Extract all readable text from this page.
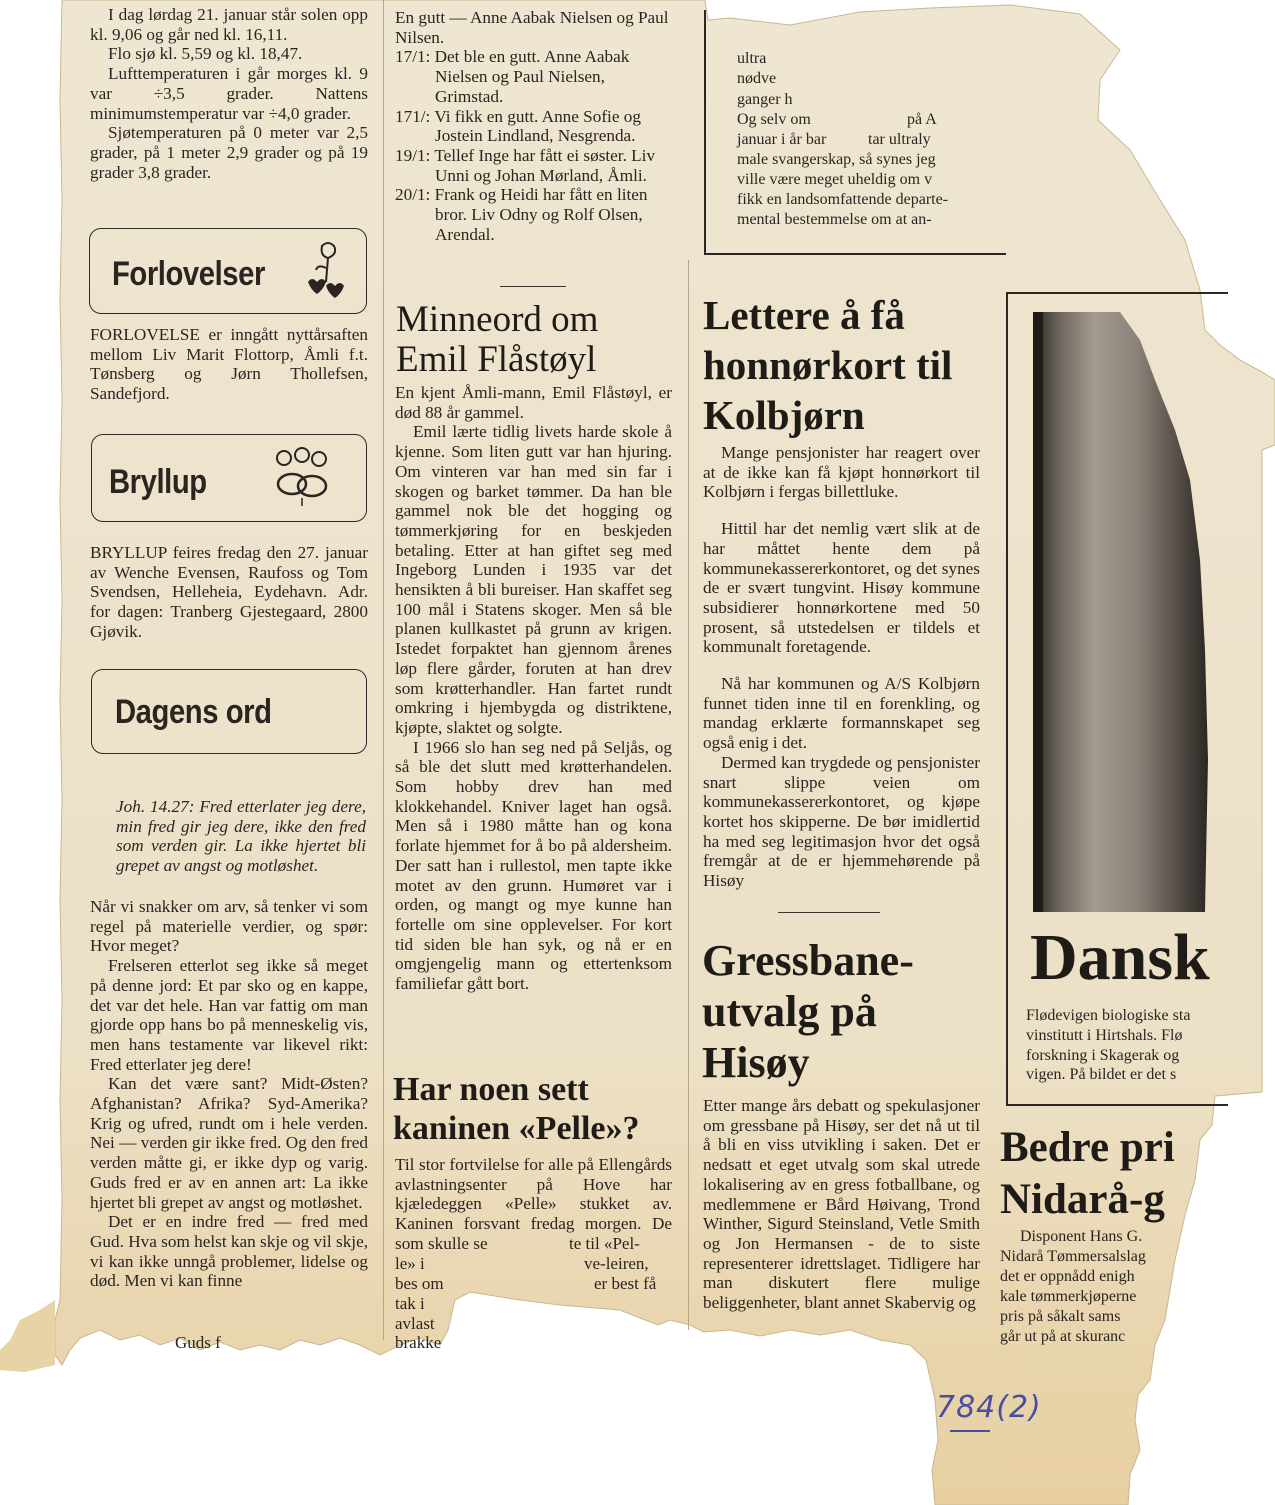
I dag lørdag 21. januar står solen opp kl. 9,06 og går ned kl. 16,11.

Flo sjø kl. 5,59 og kl. 18,47.

Lufttemperaturen i går morges kl. 9 var ÷3,5 grader. Nattens minimumstemperatur var ÷4,0 grader.

Sjøtemperaturen på 0 meter var 2,5 grader, på 1 meter 2,9 grader og på 19 grader 3,8 grader.

Forlovelser

FORLOVELSE er inngått nyttårsaften mellom Liv Marit Flottorp, Åmli f.t. Tønsberg og Jørn Thollefsen, Sandefjord.

Bryllup

BRYLLUP feires fredag den 27. januar av Wenche Evensen, Raufoss og Tom Svendsen, Helleheia, Eydehavn. Adr. for dagen: Tranberg Gjestegaard, 2800 Gjøvik.

Dagens ord

Joh. 14.27: Fred etterlater jeg dere, min fred gir jeg dere, ikke den fred som verden gir. La ikke hjertet bli grepet av angst og motløshet.

Når vi snakker om arv, så tenker vi som regel på materielle verdier, og spør: Hvor meget?

Frelseren etterlot seg ikke så meget på denne jord: Et par sko og en kappe, det var det hele. Han var fattig om man gjorde opp hans bo på menneskelig vis, men hans testamente var likevel rikt: Fred etterlater jeg dere!

Kan det være sant? Midt-Østen? Afghanistan? Afrika? Syd-Amerika? Krig og ufred, rundt om i hele verden. Nei — verden gir ikke fred. Og den fred verden måtte gi, er ikke dyp og varig. Guds fred er av en annen art: La ikke hjertet bli grepet av angst og motløshet.

Det er en indre fred — fred med Gud. Hva som helst kan skje og vil skje, vi kan ikke unngå problemer, lidelse og død. Men vi kan finne

Guds f

En gutt — Anne Aabak Nielsen og Paul Nilsen.

17/1: Det ble en gutt. Anne Aabak Nielsen og Paul Nielsen, Grimstad.

171/: Vi fikk en gutt. Anne Sofie og Jostein Lindland, Nesgrenda.

19/1: Tellef Inge har fått ei søster. Liv Unni og Johan Mørland, Åmli.

20/1: Frank og Heidi har fått en liten bror. Liv Odny og Rolf Olsen, Arendal.

Minneord om Emil Flåstøyl

En kjent Åmli-mann, Emil Flåstøyl, er død 88 år gammel.

Emil lærte tidlig livets harde skole å kjenne. Som liten gutt var han hjuring. Om vinteren var han med sin far i skogen og barket tømmer. Da han ble gammel nok ble det hogging og tømmerkjøring for en beskjeden betaling. Etter at han giftet seg med Ingeborg Lunden i 1935 var det hensikten å bli bureiser. Han skaffet seg 100 mål i Statens skoger. Men så ble planen kullkastet på grunn av krigen. Istedet forpaktet han gjennom årenes løp flere gårder, foruten at han drev som krøtterhandler. Han fartet rundt omkring i hjembygda og distriktene, kjøpte, slaktet og solgte.

I 1966 slo han seg ned på Seljås, og så ble det slutt med krøtterhandelen. Som hobby drev han med klokkehandel. Kniver laget han også. Men så i 1980 måtte han og kona forlate hjemmet for å bo på aldersheim. Der satt han i rullestol, men tapte ikke motet av den grunn. Humøret var i orden, og mangt og mye kunne han fortelle om sine opplevelser. For kort tid siden ble han syk, og nå er en omgjengelig mann og ettertenksom familiefar gått bort.

Har noen sett kaninen «Pelle»?

Til stor fortvilelse for alle på Ellengårds avlastningsenter på Hove har kjæledeggen «Pelle» stukket av. Kaninen forsvant fredag morgen. De som skulle se	te til «Pel-
le» i	ve-leiren,
bes om	er best få
tak i
avlast
brakke
ultra
nødve
ganger h
Og selv om	på A
januar i år bar	tar ultraly
male svangerskap, så synes jeg
ville være meget uheldig om v
fikk en landsomfattende departe-
mental bestemmelse om at an-
Lettere å få honnørkort til Kolbjørn

Mange pensjonister har reagert over at de ikke kan få kjøpt honnørkort til Kolbjørn i fergas billettluke.

Hittil har det nemlig vært slik at de har måttet hente dem på kommunekassererkontoret, og det synes de er svært tungvint. Hisøy kommune subsidierer honnørkortene med 50 prosent, så utstedelsen er tildels et kommunalt foretagende.

Nå har kommunen og A/S Kolbjørn funnet tiden inne til en forenkling, og mandag erklærte formannskapet seg også enig i det.

Dermed kan trygdede og pensjonister snart slippe veien om kommunekassererkontoret, og kjøpe kortet hos skipperne. De bør imidlertid ha med seg legitimasjon hvor det også fremgår at de er hjemmehørende på Hisøy

Gressbane-utvalg på Hisøy

Etter mange års debatt og spekulasjoner om gressbane på Hisøy, ser det nå ut til å bli en viss utvikling i saken. Det er nedsatt et eget utvalg som skal utrede lokalisering av en gress fotballbane, og medlemmene er Bård Høivang, Trond Winther, Sigurd Steinsland, Vetle Smith og Jon Hermansen - de to siste representerer idrettslaget. Tidligere har man diskutert flere mulige beliggenheter, blant annet Skabervig og

Dansk
Flødevigen biologiske sta
vinstitutt i Hirtshals. Flø
forskning i Skagerak og
vigen. På bildet er det s
Bedre pri Nidarå-g
Disponent Hans G.
Nidarå Tømmersalslag
det er oppnådd enigh
kale tømmerkjøperne
pris på såkalt sams
går ut på at skuranc
784(2)
